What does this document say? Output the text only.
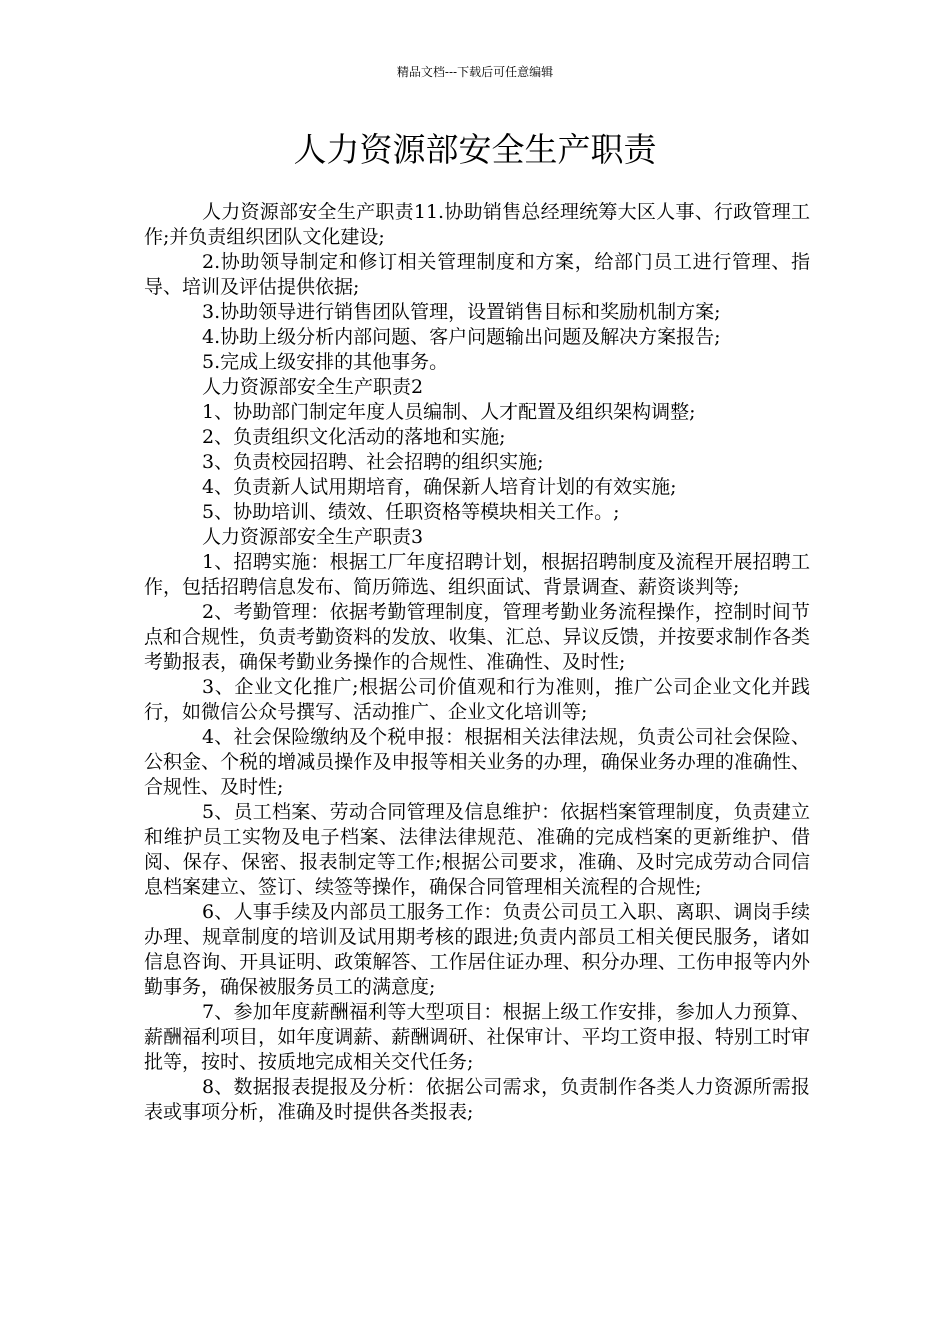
精品文档---下载后可任意编辑
人力资源部安全生产职责

人力资源部安全生产职责11.协助销售总经理统筹大区人事、行政管理工作;并负责组织团队文化建设;

2.协助领导制定和修订相关管理制度和方案，给部门员工进行管理、指导、培训及评估提供依据;

3.协助领导进行销售团队管理，设置销售目标和奖励机制方案;

4.协助上级分析内部问题、客户问题输出问题及解决方案报告;

5.完成上级安排的其他事务。

人力资源部安全生产职责2

1、协助部门制定年度人员编制、人才配置及组织架构调整;

2、负责组织文化活动的落地和实施;

3、负责校园招聘、社会招聘的组织实施;

4、负责新人试用期培育，确保新人培育计划的有效实施;

5、协助培训、绩效、任职资格等模块相关工作。;

人力资源部安全生产职责3

1、招聘实施：根据工厂年度招聘计划，根据招聘制度及流程开展招聘工作，包括招聘信息发布、简历筛选、组织面试、背景调查、薪资谈判等;

2、考勤管理：依据考勤管理制度，管理考勤业务流程操作，控制时间节点和合规性，负责考勤资料的发放、收集、汇总、异议反馈，并按要求制作各类考勤报表，确保考勤业务操作的合规性、准确性、及时性;

3、企业文化推广;根据公司价值观和行为准则，推广公司企业文化并践行，如微信公众号撰写、活动推广、企业文化培训等;

4、社会保险缴纳及个税申报：根据相关法律法规，负责公司社会保险、公积金、个税的增减员操作及申报等相关业务的办理，确保业务办理的准确性、合规性、及时性;

5、员工档案、劳动合同管理及信息维护：依据档案管理制度，负责建立和维护员工实物及电子档案、法律法律规范、准确的完成档案的更新维护、借阅、保存、保密、报表制定等工作;根据公司要求，准确、及时完成劳动合同信息档案建立、签订、续签等操作，确保合同管理相关流程的合规性;

6、人事手续及内部员工服务工作：负责公司员工入职、离职、调岗手续办理、规章制度的培训及试用期考核的跟进;负责内部员工相关便民服务，诸如信息咨询、开具证明、政策解答、工作居住证办理、积分办理、工伤申报等内外勤事务，确保被服务员工的满意度;

7、参加年度薪酬福利等大型项目：根据上级工作安排，参加人力预算、薪酬福利项目，如年度调薪、薪酬调研、社保审计、平均工资申报、特别工时审批等，按时、按质地完成相关交代任务;

8、数据报表提报及分析：依据公司需求，负责制作各类人力资源所需报表或事项分析，准确及时提供各类报表;
